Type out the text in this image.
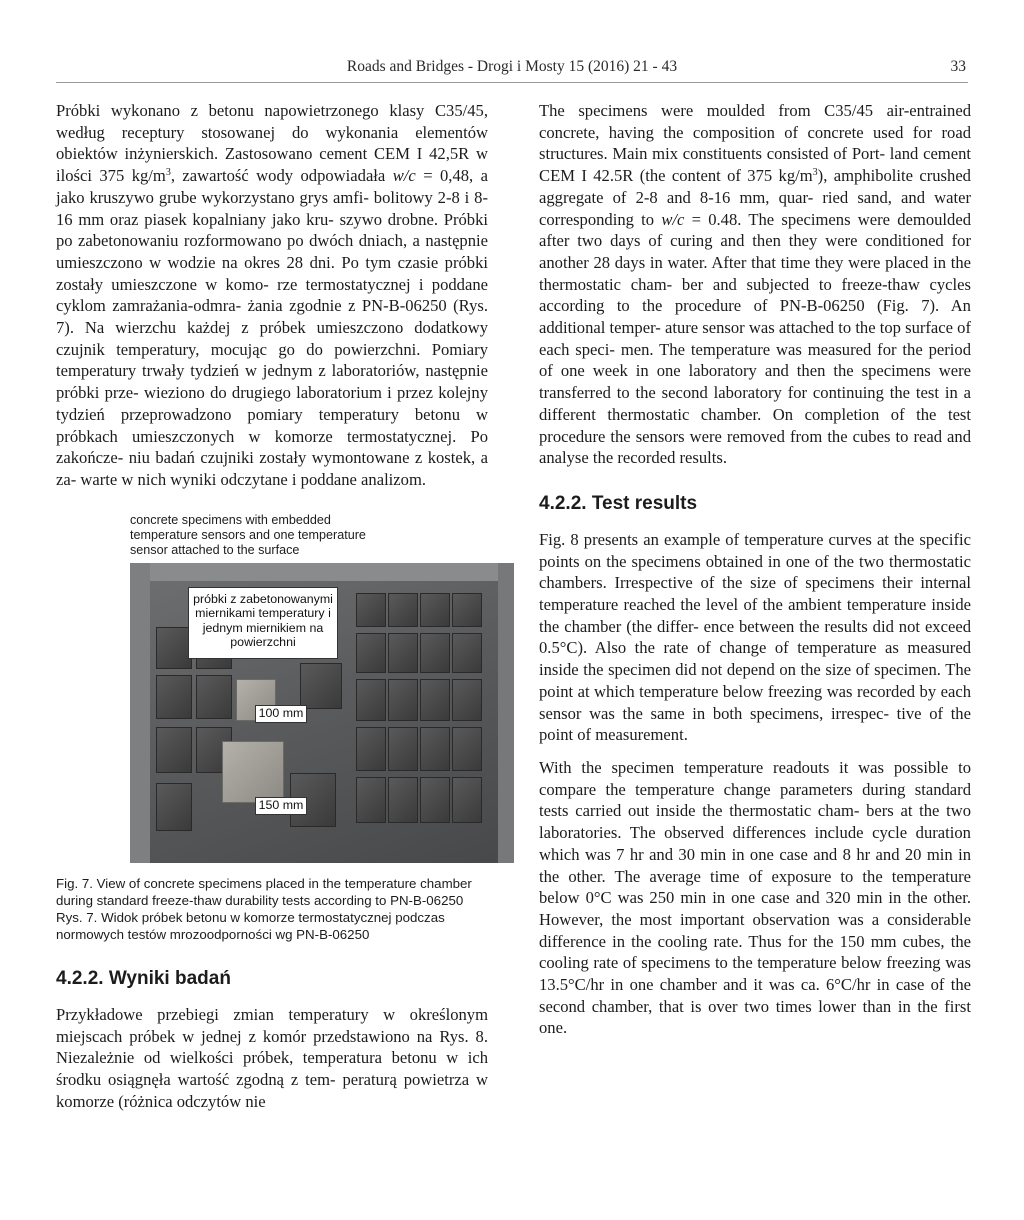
Roads and Bridges - Drogi i Mosty 15 (2016) 21 - 43	33

Próbki wykonano z betonu napowietrzonego klasy C35/45, według receptury stosowanej do wykonania elementów obiektów inżynierskich. Zastosowano cement CEM I 42,5R w ilości 375 $kg/m^3$, zawartość wody odpowiadała w/c = 0,48, a jako kruszywo grube wykorzystano grys amfi- bolitowy 2-8 i 8-16 mm oraz piasek kopalniany jako kru- szywo drobne. Próbki po zabetonowaniu rozformowano po dwóch dniach, a następnie umieszczono w wodzie na okres 28 dni. Po tym czasie próbki zostały umieszczone w komo- rze termostatycznej i poddane cyklom zamrażania-odmra- żania zgodnie z PN-B-06250 (Rys. 7). Na wierzchu każdej z próbek umieszczono dodatkowy czujnik temperatury, mocując go do powierzchni. Pomiary temperatury trwały tydzień w jednym z laboratoriów, następnie próbki prze- wieziono do drugiego laboratorium i przez kolejny tydzień przeprowadzono pomiary temperatury betonu w próbkach umieszczonych w komorze termostatycznej. Po zakończe- niu badań czujniki zostały wymontowane z kostek, a za- warte w nich wyniki odczytane i poddane analizom.

concrete specimens with embedded temperature sensors and one temperature sensor attached to the surface
próbki z zabetonowanymi miernikami temperatury i jednym miernikiem na powierzchni
100 mm
150 mm
Fig. 7. View of concrete specimens placed in the temperature chamber during standard freeze-thaw durability tests according to PN-B-06250
Rys. 7. Widok próbek betonu w komorze termostatycznej podczas normowych testów mrozoodporności wg PN-B-06250
4.2.2. Wyniki badań

Przykładowe przebiegi zmian temperatury w określonym miejscach próbek w jednej z komór przedstawiono na Rys. 8. Niezależnie od wielkości próbek, temperatura betonu w ich środku osiągnęła wartość zgodną z tem- peraturą powietrza w komorze (różnica odczytów nie

The specimens were moulded from C35/45 air-entrained concrete, having the composition of concrete used for road structures. Main mix constituents consisted of Port- land cement CEM I 42.5R (the content of 375 $kg/m^3$), amphibolite crushed aggregate of 2-8 and 8-16 mm, quar- ried sand, and water corresponding to w/c = 0.48. The specimens were demoulded after two days of curing and then they were conditioned for another 28 days in water. After that time they were placed in the thermostatic cham- ber and subjected to freeze-thaw cycles according to the procedure of PN-B-06250 (Fig. 7). An additional temper- ature sensor was attached to the top surface of each speci- men. The temperature was measured for the period of one week in one laboratory and then the specimens were transferred to the second laboratory for continuing the test in a different thermostatic chamber. On completion of the test procedure the sensors were removed from the cubes to read and analyse the recorded results.

4.2.2. Test results

Fig. 8 presents an example of temperature curves at the specific points on the specimens obtained in one of the two thermostatic chambers. Irrespective of the size of specimens their internal temperature reached the level of the ambient temperature inside the chamber (the differ- ence between the results did not exceed 0.5°C). Also the rate of change of temperature as measured inside the specimen did not depend on the size of specimen. The point at which temperature below freezing was recorded by each sensor was the same in both specimens, irrespec- tive of the point of measurement.

With the specimen temperature readouts it was possible to compare the temperature change parameters during standard tests carried out inside the thermostatic cham- bers at the two laboratories. The observed differences include cycle duration which was 7 hr and 30 min in one case and 8 hr and 20 min in the other. The average time of exposure to the temperature below 0°C was 250 min in one case and 320 min in the other. However, the most important observation was a considerable difference in the cooling rate. Thus for the 150 mm cubes, the cooling rate of specimens to the temperature below freezing was 13.5°C/hr in one chamber and it was ca. 6°C/hr in case of the second chamber, that is over two times lower than in the first one.
